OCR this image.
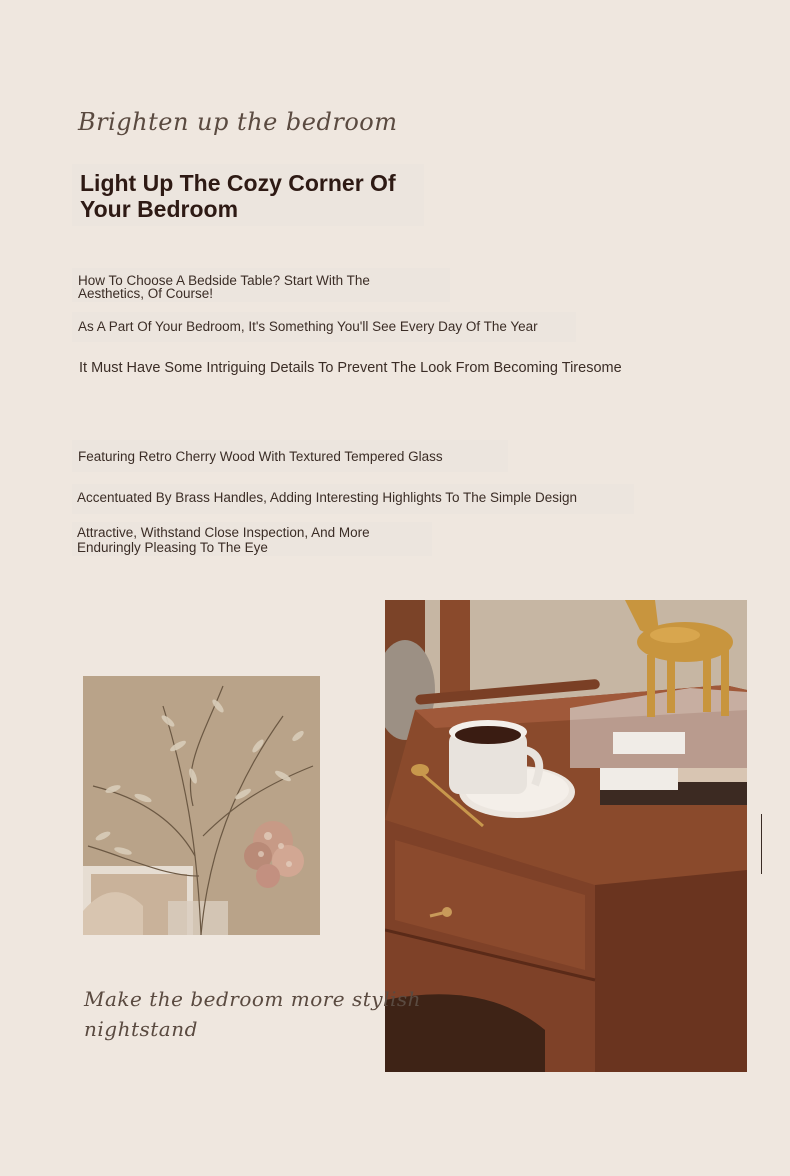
Brighten up the bedroom
Light Up The Cozy Corner Of
Your Bedroom
How To Choose A Bedside Table? Start With The
Aesthetics, Of Course!
As A Part Of Your Bedroom, It's Something You'll See Every Day Of The Year
It Must Have Some Intriguing Details To Prevent The Look From Becoming Tiresome
Featuring Retro Cherry Wood With Textured Tempered Glass
Accentuated By Brass Handles, Adding Interesting Highlights To The Simple Design
Attractive, Withstand Close Inspection, And More
Enduringly Pleasing To The Eye
Make the bedroom more stylish
nightstand
